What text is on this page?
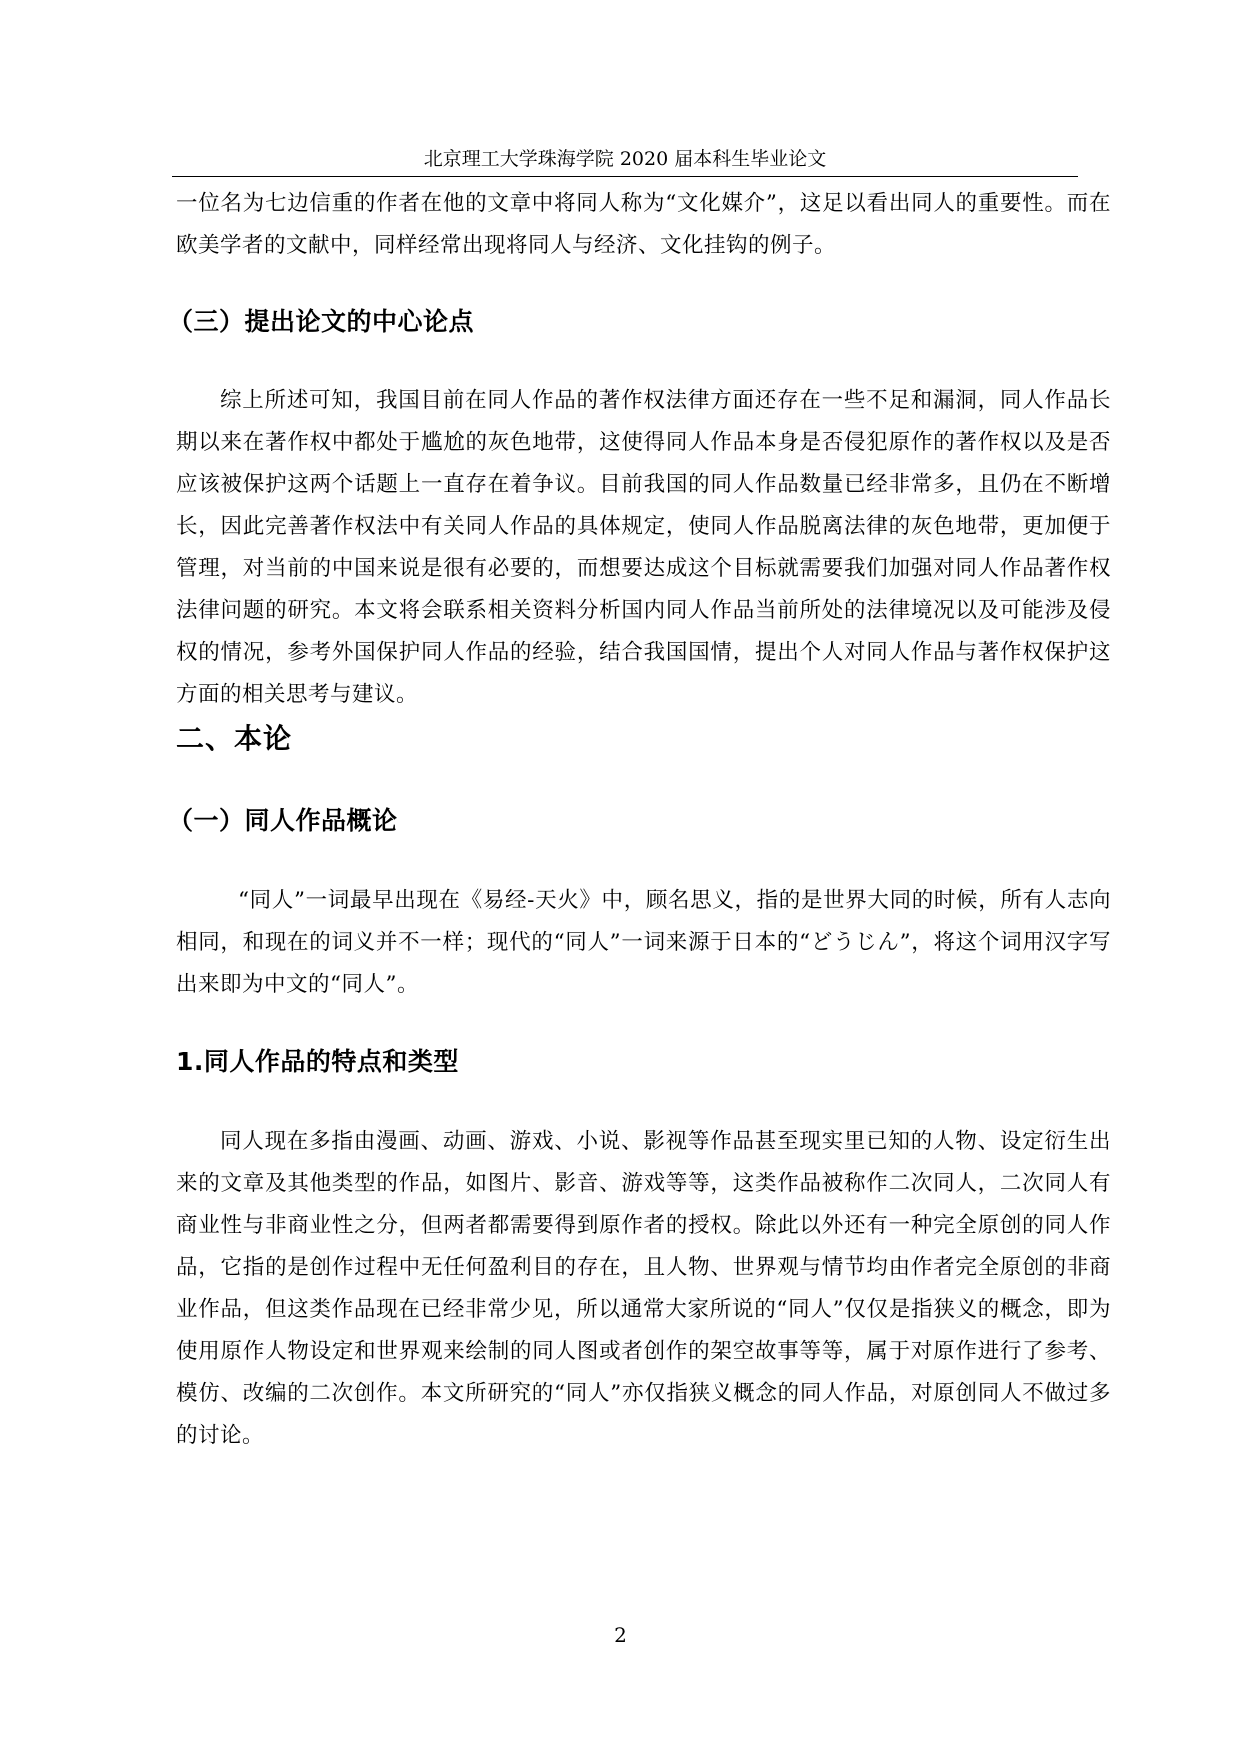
北京理工大学珠海学院 2020 届本科生毕业论文

一位名为七边信重的作者在他的文章中将同人称为“文化媒介”，这足以看出同人的重要性。而在欧美学者的文献中，同样经常出现将同人与经济、文化挂钩的例子。

（三）提出论文的中心论点

综上所述可知，我国目前在同人作品的著作权法律方面还存在一些不足和漏洞，同人作品长期以来在著作权中都处于尴尬的灰色地带，这使得同人作品本身是否侵犯原作的著作权以及是否应该被保护这两个话题上一直存在着争议。目前我国的同人作品数量已经非常多，且仍在不断增长，因此完善著作权法中有关同人作品的具体规定，使同人作品脱离法律的灰色地带，更加便于管理，对当前的中国来说是很有必要的，而想要达成这个目标就需要我们加强对同人作品著作权法律问题的研究。本文将会联系相关资料分析国内同人作品当前所处的法律境况以及可能涉及侵权的情况，参考外国保护同人作品的经验，结合我国国情，提出个人对同人作品与著作权保护这方面的相关思考与建议。

二、本论
（一）同人作品概论

“同人”一词最早出现在《易经-天火》中，顾名思义，指的是世界大同的时候，所有人志向相同，和现在的词义并不一样；现代的“同人”一词来源于日本的“どうじん”，将这个词用汉字写出来即为中文的“同人”。

1.同人作品的特点和类型

同人现在多指由漫画、动画、游戏、小说、影视等作品甚至现实里已知的人物、设定衍生出来的文章及其他类型的作品，如图片、影音、游戏等等，这类作品被称作二次同人，二次同人有商业性与非商业性之分，但两者都需要得到原作者的授权。除此以外还有一种完全原创的同人作品，它指的是创作过程中无任何盈利目的存在，且人物、世界观与情节均由作者完全原创的非商业作品，但这类作品现在已经非常少见，所以通常大家所说的“同人”仅仅是指狭义的概念，即为使用原作人物设定和世界观来绘制的同人图或者创作的架空故事等等，属于对原作进行了参考、模仿、改编的二次创作。本文所研究的“同人”亦仅指狭义概念的同人作品，对原创同人不做过多的讨论。

2
